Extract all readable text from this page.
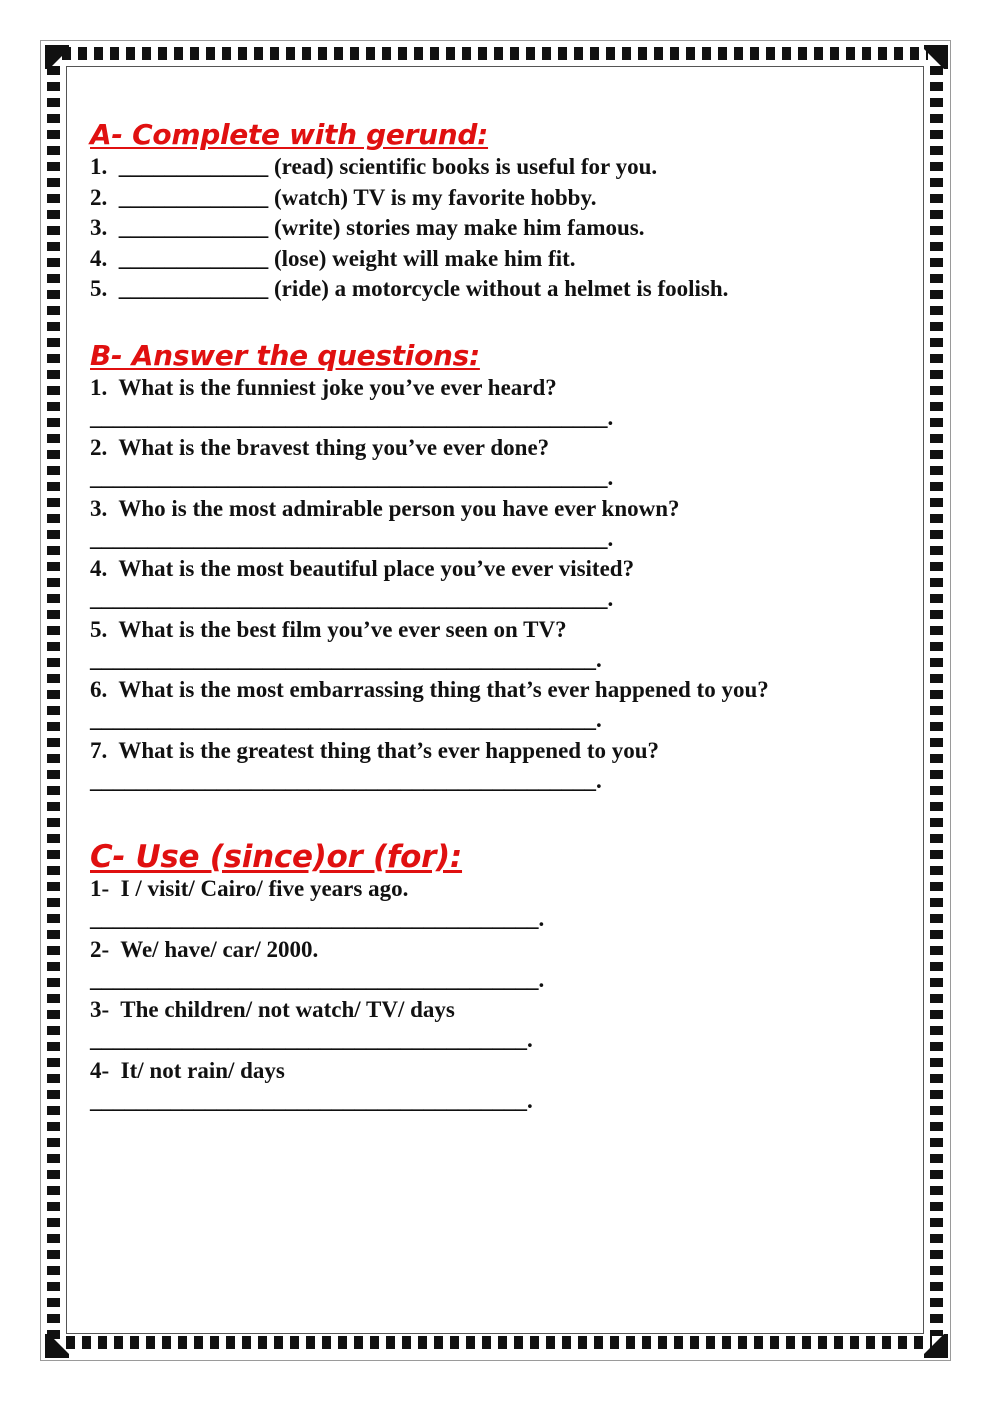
A- Complete with gerund:

1.  _____________ (read) scientific books is useful for you.

2.  _____________ (watch) TV is my favorite hobby.

3.  _____________ (write) stories may make him famous.

4.  _____________ (lose) weight will make him fit.

5.  _____________ (ride) a motorcycle without a helmet is foolish.

B- Answer the questions:

1.  What is the funniest joke you’ve ever heard?

_____________________________________________.

2.  What is the bravest thing you’ve ever done?

_____________________________________________.

3.  Who is the most admirable person you have ever known?

_____________________________________________.

4.  What is the most beautiful place you’ve ever visited?

_____________________________________________.

5.  What is the best film you’ve ever seen on TV?

____________________________________________.

6.  What is the most embarrassing thing that’s ever happened to you?

____________________________________________.

7.  What is the greatest thing that’s ever happened to you?

____________________________________________.

C- Use (since)or (for):

1-  I / visit/ Cairo/ five years ago.

_______________________________________.

2-  We/ have/ car/ 2000.

_______________________________________.

3-  The children/ not watch/ TV/ days

______________________________________.

4-  It/ not rain/ days

______________________________________.
